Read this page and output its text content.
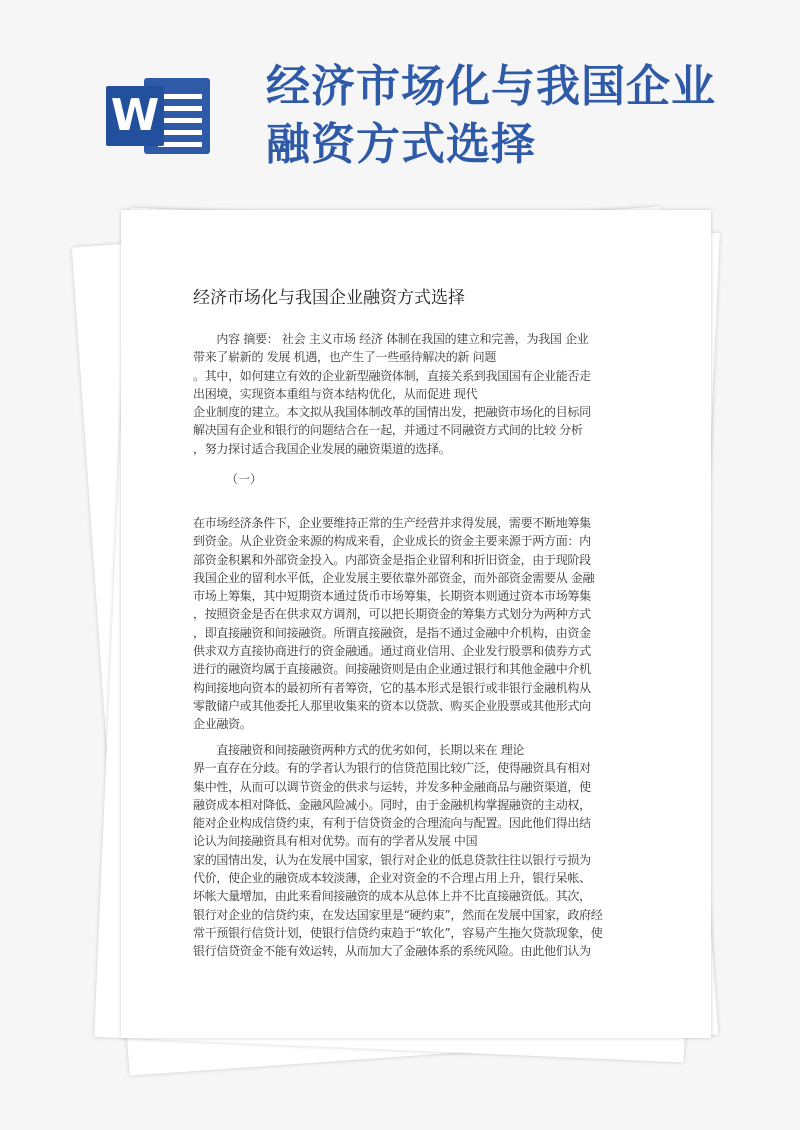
W
经济市场化与我国企业
融资方式选择
经济市场化与我国企业融资方式选择
　　内容 摘要： 社会 主义市场 经济 体制在我国的建立和完善，为我国 企业
带来了崭新的 发展 机遇，也产生了一些亟待解决的新 问题
。其中，如何建立有效的企业新型融资体制，直接关系到我国国有企业能否走
出困境，实现资本重组与资本结构优化，从而促进 现代
企业制度的建立。本文拟从我国体制改革的国情出发，把融资市场化的目标同
解决国有企业和银行的问题结合在一起，并通过不同融资方式间的比较 分析
，努力探讨适合我国企业发展的融资渠道的选择。
（一）
在市场经济条件下，企业要维持正常的生产经营并求得发展，需要不断地筹集
到资金。从企业资金来源的构成来看，企业成长的资金主要来源于两方面：内
部资金积累和外部资金投入。内部资金是指企业留利和折旧资金，由于现阶段
我国企业的留利水平低，企业发展主要依靠外部资金，而外部资金需要从 金融
市场上筹集，其中短期资本通过货币市场筹集，长期资本则通过资本市场筹集
，按照资金是否在供求双方调剂，可以把长期资金的筹集方式划分为两种方式
，即直接融资和间接融资。所谓直接融资，是指不通过金融中介机构，由资金
供求双方直接协商进行的资金融通。通过商业信用、企业发行股票和债券方式
进行的融资均属于直接融资。间接融资则是由企业通过银行和其他金融中介机
构间接地向资本的最初所有者筹资，它的基本形式是银行或非银行金融机构从
零散储户或其他委托人那里收集来的资本以贷款、购买企业股票或其他形式向
企业融资。
　　直接融资和间接融资两种方式的优劣如何，长期以来在 理论
界一直存在分歧。有的学者认为银行的信贷范围比较广泛，使得融资具有相对
集中性，从而可以调节资金的供求与运转，并发多种金融商品与融资渠道，使
融资成本相对降低、金融风险减小。同时，由于金融机构掌握融资的主动权，
能对企业构成信贷约束，有利于信贷资金的合理流向与配置。因此他们得出结
论认为间接融资具有相对优势。而有的学者从发展 中国
家的国情出发，认为在发展中国家，银行对企业的低息贷款往往以银行亏损为
代价，使企业的融资成本较淡薄，企业对资金的不合理占用上升，银行呆帐、
坏帐大量增加，由此来看间接融资的成本从总体上并不比直接融资低。其次，
银行对企业的信贷约束，在发达国家里是“硬约束”，然而在发展中国家，政府经
常干预银行信贷计划，使银行信贷约束趋于“软化”，容易产生拖欠贷款现象，使
银行信贷资金不能有效运转，从而加大了金融体系的系统风险。由此他们认为
